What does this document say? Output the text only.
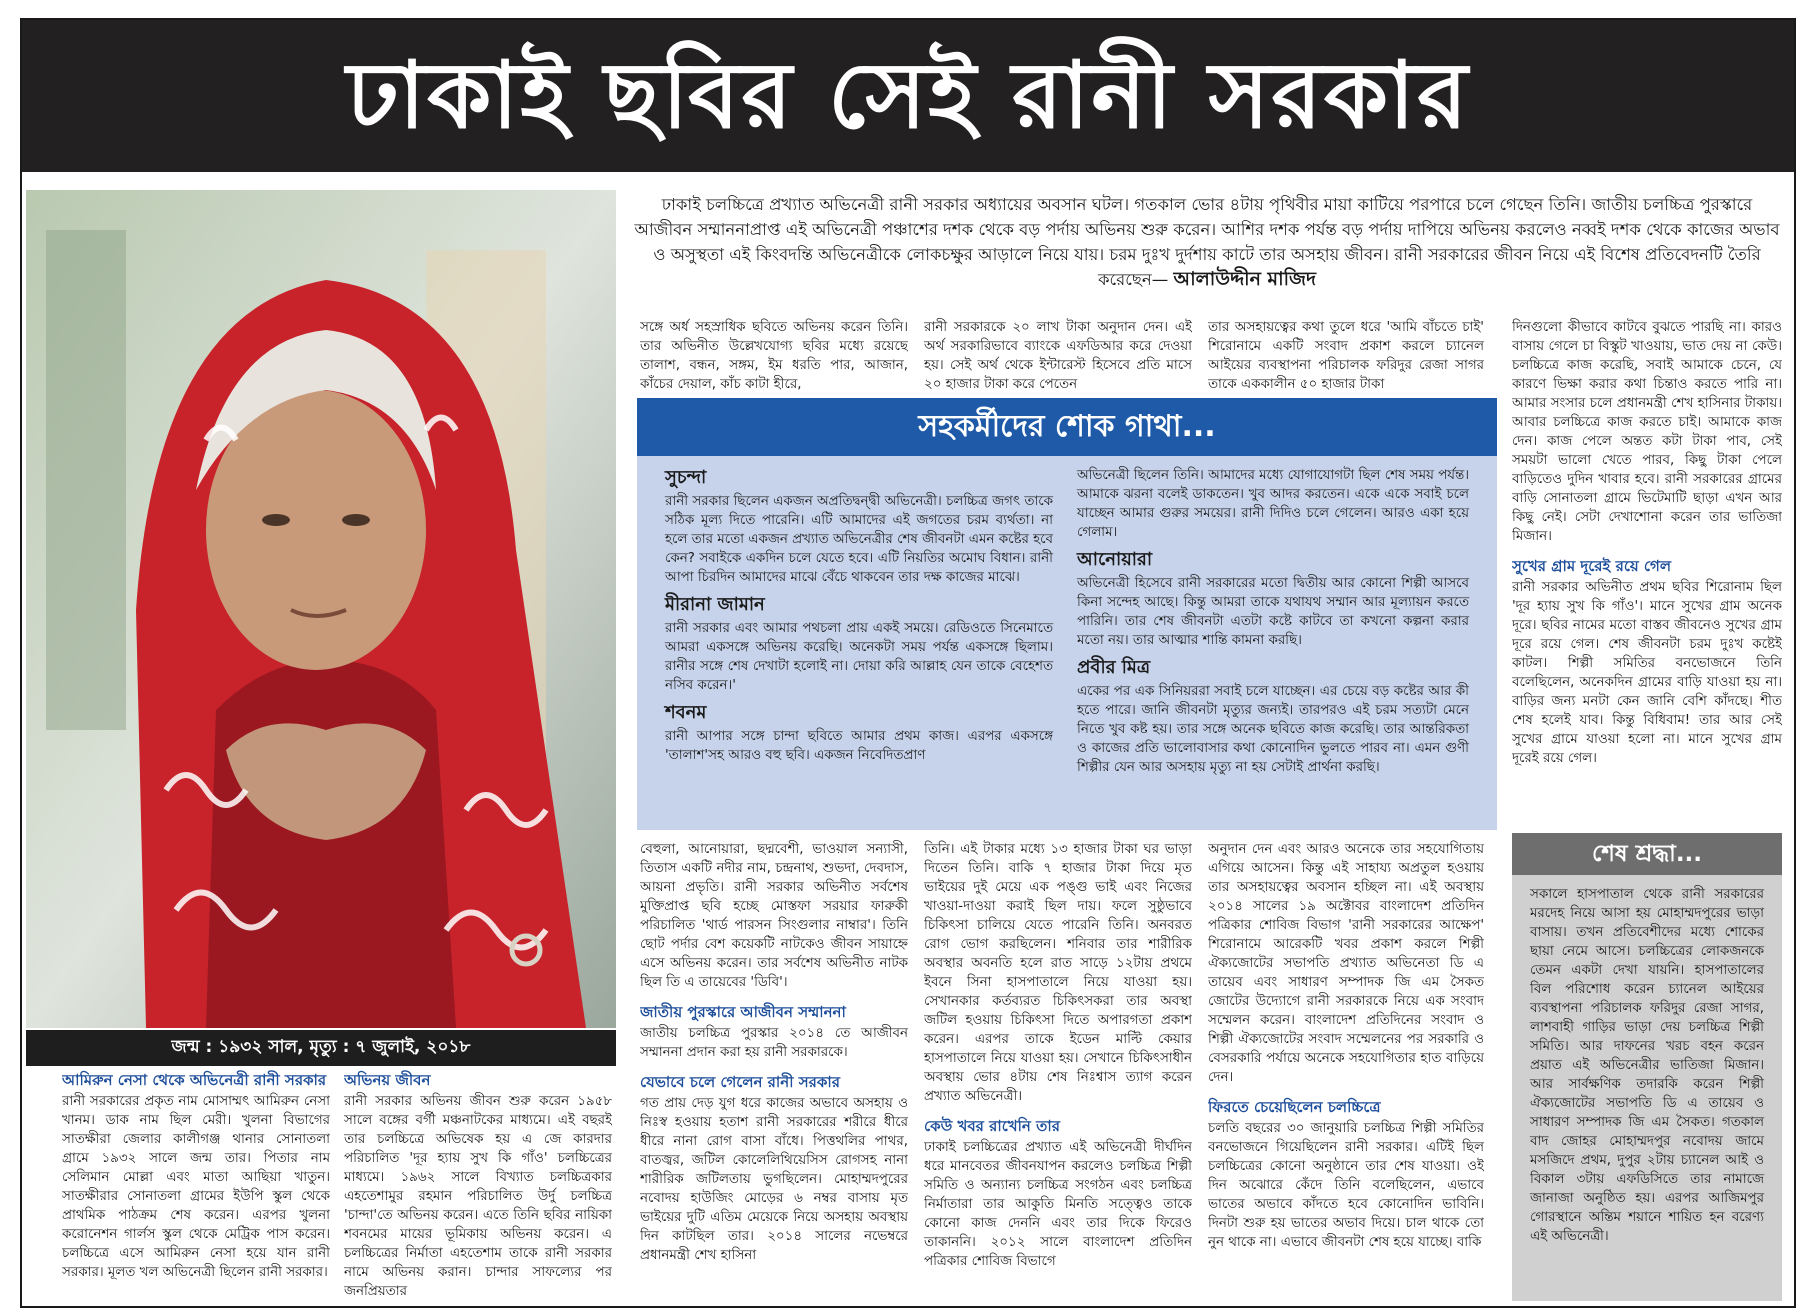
ঢাকাই ছবির সেই রানী সরকার
জন্ম : ১৯৩২ সাল, মৃত্যু : ৭ জুলাই, ২০১৮
ঢাকাই চলচ্চিত্রে প্রখ্যাত অভিনেত্রী রানী সরকার অধ্যায়ের অবসান ঘটল। গতকাল ভোর ৪টায় পৃথিবীর মায়া কাটিয়ে পরপারে চলে গেছেন তিনি। জাতীয় চলচ্চিত্র পুরস্কারে আজীবন সম্মাননাপ্রাপ্ত এই অভিনেত্রী পঞ্চাশের দশক থেকে বড় পর্দায় অভিনয় শুরু করেন। আশির দশক পর্যন্ত বড় পর্দায় দাপিয়ে অভিনয় করলেও নব্বই দশক থেকে কাজের অভাব ও অসুস্থতা এই কিংবদন্তি অভিনেত্রীকে লোকচক্ষুর আড়ালে নিয়ে যায়। চরম দুঃখ দুর্দশায় কাটে তার অসহায় জীবন। রানী সরকারের জীবন নিয়ে এই বিশেষ প্রতিবেদনটি তৈরি করেছেন— আলাউদ্দীন মাজিদ
সঙ্গে অর্ধ সহস্রাধিক ছবিতে অভিনয় করেন তিনি। তার অভিনীত উল্লেখযোগ্য ছবির মধ্যে রয়েছে তালাশ, বন্ধন, সঙ্গম, ইম ধরতি পার, আজান, কাঁচের দেয়াল, কাঁচ কাটা হীরে,
রানী সরকারকে ২০ লাখ টাকা অনুদান দেন। এই অর্থ সরকারিভাবে ব্যাংকে এফডিআর করে দেওয়া হয়। সেই অর্থ থেকে ইন্টারেস্ট হিসেবে প্রতি মাসে ২০ হাজার টাকা করে পেতেন
তার অসহায়ত্বের কথা তুলে ধরে 'আমি বাঁচতে চাই' শিরোনামে একটি সংবাদ প্রকাশ করলে চ্যানেল আইয়ের ব্যবস্থাপনা পরিচালক ফরিদুর রেজা সাগর তাকে এককালীন ৫০ হাজার টাকা
দিনগুলো কীভাবে কাটবে বুঝতে পারছি না। কারও বাসায় গেলে চা বিস্কুট খাওয়ায়, ভাত দেয় না কেউ। চলচ্চিত্রে কাজ করেছি, সবাই আমাকে চেনে, যে কারণে ভিক্ষা করার কথা চিন্তাও করতে পারি না। আমার সংসার চলে প্রধানমন্ত্রী শেখ হাসিনার টাকায়। আবার চলচ্চিত্রে কাজ করতে চাই। আমাকে কাজ দেন। কাজ পেলে অন্তত কটা টাকা পাব, সেই সময়টা ভালো খেতে পারব, কিছু টাকা পেলে বাড়িতেও দুদিন খাবার হবে। রানী সরকারের গ্রামের বাড়ি সোনাতলা গ্রামে ভিটেমাটি ছাড়া এখন আর কিছু নেই। সেটা দেখাশোনা করেন তার ভাতিজা মিজান।
সুখের গ্রাম দূরেই রয়ে গেল
রানী সরকার অভিনীত প্রথম ছবির শিরোনাম ছিল 'দূর হ্যায় সুখ কি গাঁও'। মানে সুখের গ্রাম অনেক দূরে। ছবির নামের মতো বাস্তব জীবনেও সুখের গ্রাম দূরে রয়ে গেল। শেষ জীবনটা চরম দুঃখ কষ্টেই কাটল। শিল্পী সমিতির বনভোজনে তিনি বলেছিলেন, অনেকদিন গ্রামের বাড়ি যাওয়া হয় না। বাড়ির জন্য মনটা কেন জানি বেশি কাঁদছে। শীত শেষ হলেই যাব। কিন্তু বিধিবাম! তার আর সেই সুখের গ্রামে যাওয়া হলো না। মানে সুখের গ্রাম দূরেই রয়ে গেল।
সহকর্মীদের শোক গাথা...
সুচন্দা
রানী সরকার ছিলেন একজন অপ্রতিদ্বন্দ্বী অভিনেত্রী। চলচ্চিত্র জগৎ তাকে সঠিক মূল্য দিতে পারেনি। এটি আমাদের এই জগতের চরম ব্যর্থতা। না হলে তার মতো একজন প্রখ্যাত অভিনেত্রীর শেষ জীবনটা এমন কষ্টের হবে কেন? সবাইকে একদিন চলে যেতে হবে। এটি নিয়তির অমোঘ বিধান। রানী আপা চিরদিন আমাদের মাঝে বেঁচে থাকবেন তার দক্ষ কাজের মাঝে।
মীরানা জামান
রানী সরকার এবং আমার পথচলা প্রায় একই সময়ে। রেডিওতে সিনেমাতে আমরা একসঙ্গে অভিনয় করেছি। অনেকটা সময় পর্যন্ত একসঙ্গে ছিলাম। রানীর সঙ্গে শেষ দেখাটা হলোই না। দোয়া করি আল্লাহ যেন তাকে বেহেশত নসিব করেন।'
শবনম
রানী আপার সঙ্গে চান্দা ছবিতে আমার প্রথম কাজ। এরপর একসঙ্গে 'তালাশ'সহ আরও বহু ছবি। একজন নিবেদিতপ্রাণ
অভিনেত্রী ছিলেন তিনি। আমাদের মধ্যে যোগাযোগটা ছিল শেষ সময় পর্যন্ত। আমাকে ঝরনা বলেই ডাকতেন। খুব আদর করতেন। একে একে সবাই চলে যাচ্ছেন আমার গুরুর সময়ের। রানী দিদিও চলে গেলেন। আরও একা হয়ে গেলাম।
আনোয়ারা
অভিনেত্রী হিসেবে রানী সরকারের মতো দ্বিতীয় আর কোনো শিল্পী আসবে কিনা সন্দেহ আছে। কিন্তু আমরা তাকে যথাযথ সম্মান আর মূল্যায়ন করতে পারিনি। তার শেষ জীবনটা এতটা কষ্টে কাটবে তা কখনো কল্পনা করার মতো নয়। তার আত্মার শান্তি কামনা করছি।
প্রবীর মিত্র
একের পর এক সিনিয়ররা সবাই চলে যাচ্ছেন। এর চেয়ে বড় কষ্টের আর কী হতে পারে। জানি জীবনটা মৃত্যুর জন্যই। তারপরও এই চরম সত্যটা মেনে নিতে খুব কষ্ট হয়। তার সঙ্গে অনেক ছবিতে কাজ করেছি। তার আন্তরিকতা ও কাজের প্রতি ভালোবাসার কথা কোনোদিন ভুলতে পারব না। এমন গুণী শিল্পীর যেন আর অসহায় মৃত্যু না হয় সেটাই প্রার্থনা করছি।
আমিরুন নেসা থেকে অভিনেত্রী রানী সরকার
রানী সরকারের প্রকৃত নাম মোসাম্মৎ আমিরুন নেসা খানম। ডাক নাম ছিল মেরী। খুলনা বিভাগের সাতক্ষীরা জেলার কালীগঞ্জ থানার সোনাতলা গ্রামে ১৯৩২ সালে জন্ম তার। পিতার নাম সেলিমান মোল্লা এবং মাতা আছিয়া খাতুন। সাতক্ষীরার সোনাতলা গ্রামের ইউপি স্কুল থেকে প্রাথমিক পাঠক্রম শেষ করেন। এরপর খুলনা করোনেশন গার্লস স্কুল থেকে মেট্রিক পাস করেন। চলচ্চিত্রে এসে আমিরুন নেসা হয়ে যান রানী সরকার। মূলত খল অভিনেত্রী ছিলেন রানী সরকার।
অভিনয় জীবন
রানী সরকার অভিনয় জীবন শুরু করেন ১৯৫৮ সালে বঙ্গের বর্গী মঞ্চনাটকের মাধ্যমে। এই বছরই তার চলচ্চিত্রে অভিষেক হয় এ জে কারদার পরিচালিত 'দূর হ্যায় সুখ কি গাঁও' চলচ্চিত্রের মাধ্যমে। ১৯৬২ সালে বিখ্যাত চলচ্চিত্রকার এহতেশামুর রহমান পরিচালিত উর্দু চলচ্চিত্র 'চান্দা'তে অভিনয় করেন। এতে তিনি ছবির নায়িকা শবনমের মায়ের ভূমিকায় অভিনয় করেন। এ চলচ্চিত্রের নির্মাতা এহতেশাম তাকে রানী সরকার নামে অভিনয় করান। চান্দার সাফল্যের পর জনপ্রিয়তার
বেহুলা, আনোয়ারা, ছদ্মবেশী, ভাওয়াল সন্যাসী, তিতাস একটি নদীর নাম, চন্দ্রনাথ, শুভদা, দেবদাস, আয়না প্রভৃতি। রানী সরকার অভিনীত সর্বশেষ মুক্তিপ্রাপ্ত ছবি হচ্ছে মোস্তফা সরয়ার ফারুকী পরিচালিত 'থার্ড পারসন সিংগুলার নাম্বার'। তিনি ছোট পর্দার বেশ কয়েকটি নাটকেও জীবন সায়াহ্নে এসে অভিনয় করেন। তার সর্বশেষ অভিনীত নাটক ছিল তি এ তায়েবের 'ডিবি'।
জাতীয় পুরস্কারে আজীবন সম্মাননা
জাতীয় চলচ্চিত্র পুরস্কার ২০১৪ তে আজীবন সম্মাননা প্রদান করা হয় রানী সরকারকে।
যেভাবে চলে গেলেন রানী সরকার
গত প্রায় দেড় যুগ ধরে কাজের অভাবে অসহায় ও নিঃস্ব হওয়ায় হতাশ রানী সরকারের শরীরে ধীরে ধীরে নানা রোগ বাসা বাঁধে। পিত্তথলির পাথর, বাতজ্বর, জটিল কোলেলিথিয়েসিস রোগসহ নানা শারীরিক জটিলতায় ভুগছিলেন। মোহাম্মদপুরের নবোদয় হাউজিং মোড়ের ৬ নম্বর বাসায় মৃত ভাইয়ের দুটি এতিম মেয়েকে নিয়ে অসহায় অবস্থায় দিন কাটছিল তার। ২০১৪ সালের নভেম্বরে প্রধানমন্ত্রী শেখ হাসিনা
তিনি। এই টাকার মধ্যে ১৩ হাজার টাকা ঘর ভাড়া দিতেন তিনি। বাকি ৭ হাজার টাকা দিয়ে মৃত ভাইয়ের দুই মেয়ে এক পঙ্গু ভাই এবং নিজের খাওয়া-দাওয়া করাই ছিল দায়। ফলে সুষ্ঠুভাবে চিকিৎসা চালিয়ে যেতে পারেনি তিনি। অনবরত রোগ ভোগ করছিলেন। শনিবার তার শারীরিক অবস্থার অবনতি হলে রাত সাড়ে ১২টায় প্রথমে ইবনে সিনা হাসপাতালে নিয়ে যাওয়া হয়। সেখানকার কর্তব্যরত চিকিৎসকরা তার অবস্থা জটিল হওয়ায় চিকিৎসা দিতে অপারগতা প্রকাশ করেন। এরপর তাকে ইডেন মাল্টি কেয়ার হাসপাতালে নিয়ে যাওয়া হয়। সেখানে চিকিৎসাধীন অবস্থায় ভোর ৪টায় শেষ নিঃশ্বাস ত্যাগ করেন প্রখ্যাত অভিনেত্রী।
কেউ খবর রাখেনি তার
ঢাকাই চলচ্চিত্রের প্রখ্যাত এই অভিনেত্রী দীর্ঘদিন ধরে মানবেতর জীবনযাপন করলেও চলচ্চিত্র শিল্পী সমিতি ও অন্যান্য চলচ্চিত্র সংগঠন এবং চলচ্চিত্র নির্মাতারা তার আকুতি মিনতি সত্ত্বেও তাকে কোনো কাজ দেননি এবং তার দিকে ফিরেও তাকাননি। ২০১২ সালে বাংলাদেশ প্রতিদিন পত্রিকার শোবিজ বিভাগে
অনুদান দেন এবং আরও অনেকে তার সহযোগিতায় এগিয়ে আসেন। কিন্তু এই সাহায্য অপ্রতুল হওয়ায় তার অসহায়ত্বের অবসান হচ্ছিল না। এই অবস্থায় ২০১৪ সালের ১৯ অক্টোবর বাংলাদেশ প্রতিদিন পত্রিকার শোবিজ বিভাগ 'রানী সরকারের আক্ষেপ' শিরোনামে আরেকটি খবর প্রকাশ করলে শিল্পী ঐক্যজোটের সভাপতি প্রখ্যাত অভিনেতা ডি এ তায়েব এবং সাধারণ সম্পাদক জি এম সৈকত জোটের উদ্যোগে রানী সরকারকে নিয়ে এক সংবাদ সম্মেলন করেন। বাংলাদেশ প্রতিদিনের সংবাদ ও শিল্পী ঐক্যজোটের সংবাদ সম্মেলনের পর সরকারি ও বেসরকারি পর্যায়ে অনেকে সহযোগিতার হাত বাড়িয়ে দেন।
ফিরতে চেয়েছিলেন চলচ্চিত্রে
চলতি বছরের ৩০ জানুয়ারি চলচ্চিত্র শিল্পী সমিতির বনভোজনে গিয়েছিলেন রানী সরকার। এটিই ছিল চলচ্চিত্রের কোনো অনুষ্ঠানে তার শেষ যাওয়া। ওই দিন অঝোরে কেঁদে তিনি বলেছিলেন, এভাবে ভাতের অভাবে কাঁদতে হবে কোনোদিন ভাবিনি। দিনটা শুরু হয় ভাতের অভাব দিয়ে। চাল থাকে তো নুন থাকে না। এভাবে জীবনটা শেষ হয়ে যাচ্ছে। বাকি
শেষ শ্রদ্ধা...
সকালে হাসপাতাল থেকে রানী সরকারের মরদেহ নিয়ে আসা হয় মোহাম্মদপুরের ভাড়া বাসায়। তখন প্রতিবেশীদের মধ্যে শোকের ছায়া নেমে আসে। চলচ্চিত্রের লোকজনকে তেমন একটা দেখা যায়নি। হাসপাতালের বিল পরিশোধ করেন চ্যানেল আইয়ের ব্যবস্থাপনা পরিচালক ফরিদুর রেজা সাগর, লাশবাহী গাড়ির ভাড়া দেয় চলচ্চিত্র শিল্পী সমিতি। আর দাফনের খরচ বহন করেন প্রয়াত এই অভিনেত্রীর ভাতিজা মিজান। আর সার্বক্ষণিক তদারকি করেন শিল্পী ঐক্যজোটের সভাপতি ডি এ তায়েব ও সাধারণ সম্পাদক জি এম সৈকত। গতকাল বাদ জোহর মোহাম্মদপুর নবোদয় জামে মসজিদে প্রথম, দুপুর ২টায় চ্যানেল আই ও বিকাল ৩টায় এফডিসিতে তার নামাজে জানাজা অনুষ্ঠিত হয়। এরপর আজিমপুর গোরস্থানে অন্তিম শয়ানে শায়িত হন বরেণ্য এই অভিনেত্রী।
